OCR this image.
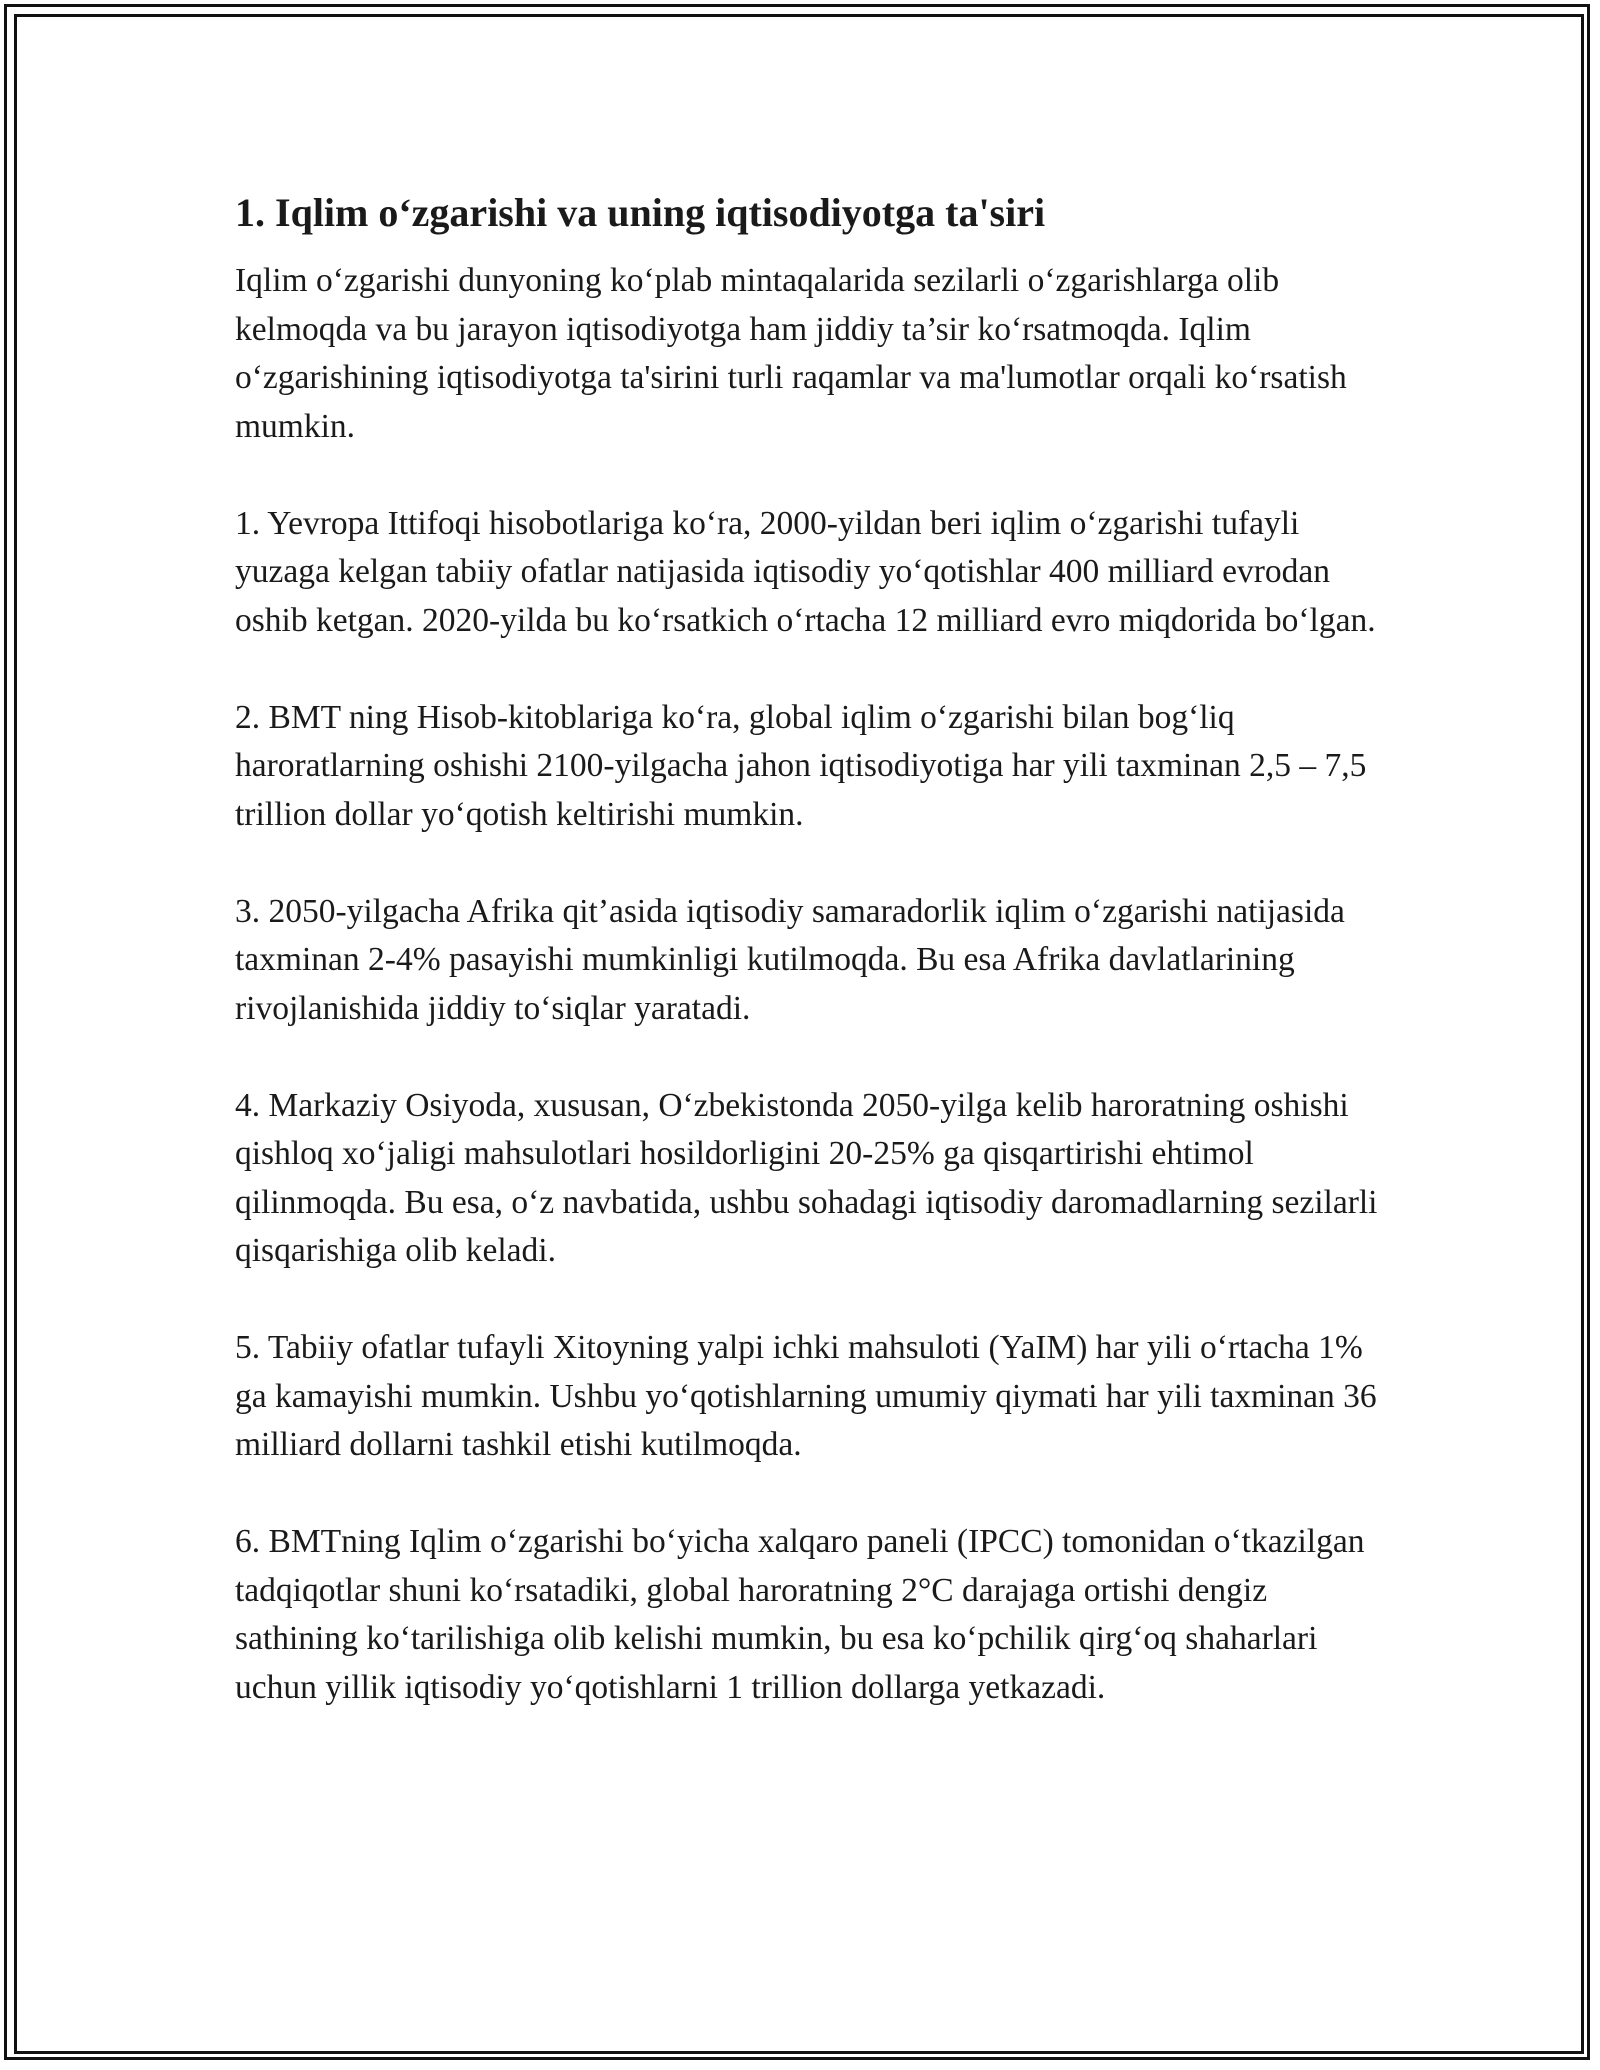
1. Iqlim o‘zgarishi va uning iqtisodiyotga ta'siri

Iqlim o‘zgarishi dunyoning ko‘plab mintaqalarida sezilarli o‘zgarishlarga olib kelmoqda va bu jarayon iqtisodiyotga ham jiddiy ta’sir ko‘rsatmoqda. Iqlim o‘zgarishining iqtisodiyotga ta'sirini turli raqamlar va ma'lumotlar orqali ko‘rsatish mumkin.

1. Yevropa Ittifoqi hisobotlariga ko‘ra, 2000-yildan beri iqlim o‘zgarishi tufayli yuzaga kelgan tabiiy ofatlar natijasida iqtisodiy yo‘qotishlar 400 milliard evrodan oshib ketgan. 2020-yilda bu ko‘rsatkich o‘rtacha 12 milliard evro miqdorida bo‘lgan.

2. BMT ning Hisob-kitoblariga ko‘ra, global iqlim o‘zgarishi bilan bog‘liq haroratlarning oshishi 2100-yilgacha jahon iqtisodiyotiga har yili taxminan 2,5 – 7,5 trillion dollar yo‘qotish keltirishi mumkin.

3. 2050-yilgacha Afrika qit’asida iqtisodiy samaradorlik iqlim o‘zgarishi natijasida taxminan 2-4% pasayishi mumkinligi kutilmoqda. Bu esa Afrika davlatlarining rivojlanishida jiddiy to‘siqlar yaratadi.

4. Markaziy Osiyoda, xususan, O‘zbekistonda 2050-yilga kelib haroratning oshishi qishloq xo‘jaligi mahsulotlari hosildorligini 20-25% ga qisqartirishi ehtimol qilinmoqda. Bu esa, o‘z navbatida, ushbu sohadagi iqtisodiy daromadlarning sezilarli qisqarishiga olib keladi.

5. Tabiiy ofatlar tufayli Xitoyning yalpi ichki mahsuloti (YaIM) har yili o‘rtacha 1% ga kamayishi mumkin. Ushbu yo‘qotishlarning umumiy qiymati har yili taxminan 36 milliard dollarni tashkil etishi kutilmoqda.

6. BMTning Iqlim o‘zgarishi bo‘yicha xalqaro paneli (IPCC) tomonidan o‘tkazilgan tadqiqotlar shuni ko‘rsatadiki, global haroratning 2°C darajaga ortishi dengiz sathining ko‘tarilishiga olib kelishi mumkin, bu esa ko‘pchilik qirg‘oq shaharlari uchun yillik iqtisodiy yo‘qotishlarni 1 trillion dollarga yetkazadi.
